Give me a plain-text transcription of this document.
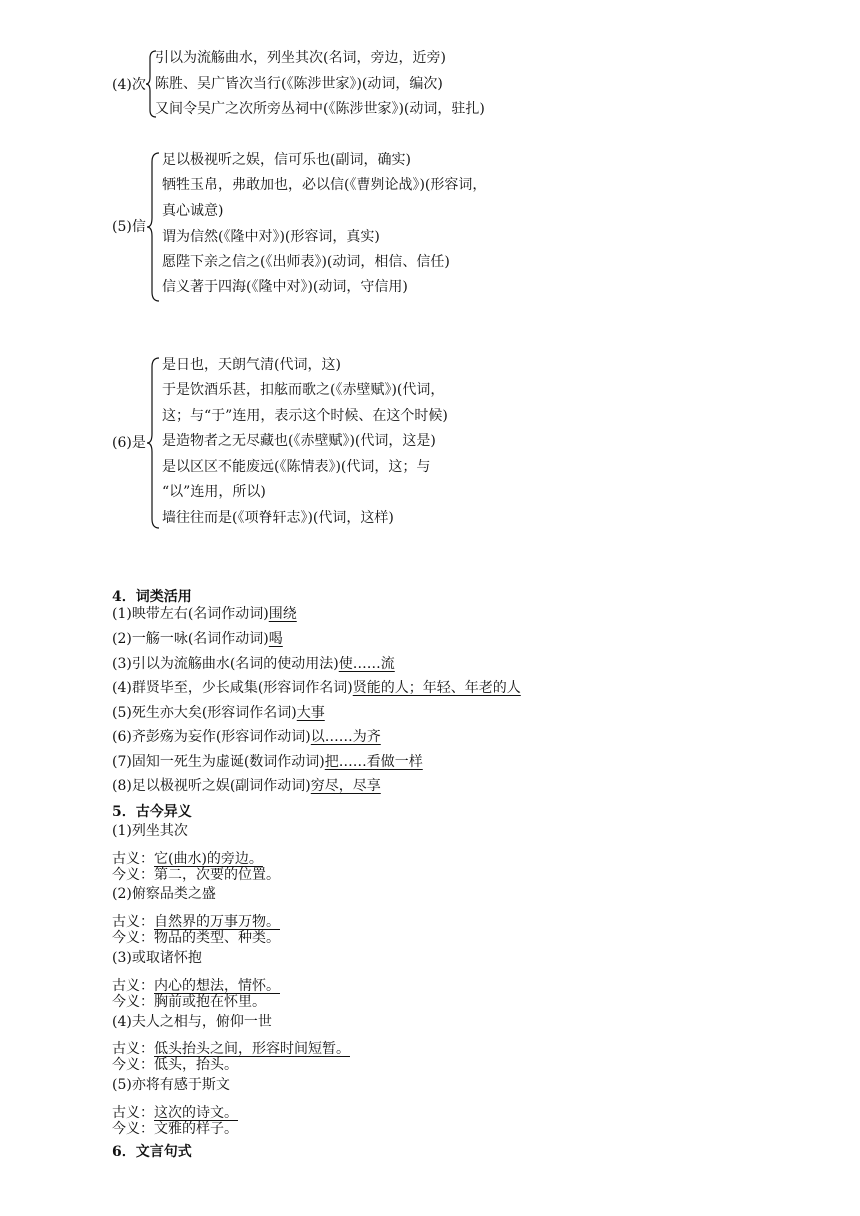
(4)次
引以为流觞曲水，列坐其次(名词，旁边，近旁)
陈胜、吴广皆次当行(《陈涉世家》)(动词，编次)
又间令吴广之次所旁丛祠中(《陈涉世家》)(动词，驻扎)
(5)信
足以极视听之娱，信可乐也(副词，确实)
牺牲玉帛，弗敢加也，必以信(《曹刿论战》)(形容词，
真心诚意)
谓为信然(《隆中对》)(形容词，真实)
愿陛下亲之信之(《出师表》)(动词，相信、信任)
信义著于四海(《隆中对》)(动词，守信用)
(6)是
是日也，天朗气清(代词，这)
于是饮酒乐甚，扣舷而歌之(《赤壁赋》)(代词，
这；与“于”连用，表示这个时候、在这个时候)
是造物者之无尽藏也(《赤壁赋》)(代词，这是)
是以区区不能废远(《陈情表》)(代词，这；与
“以”连用，所以)
墙往往而是(《项脊轩志》)(代词，这样)
4．词类活用
(1)映带左右(名词作动词)围绕
(2)一觞一咏(名词作动词)喝
(3)引以为流觞曲水(名词的使动用法)使……流
(4)群贤毕至，少长咸集(形容词作名词)贤能的人；年轻、年老的人
(5)死生亦大矣(形容词作名词)大事
(6)齐彭殇为妄作(形容词作动词)以……为齐
(7)固知一死生为虚诞(数词作动词)把……看做一样
(8)足以极视听之娱(副词作动词)穷尽，尽享
5．古今异义
(1)列坐其次
古义：它(曲水)的旁边。
今义：第二，次要的位置。
(2)俯察品类之盛
古义：自然界的万事万物。
今义：物品的类型、种类。
(3)或取诸怀抱
古义：内心的想法，情怀。
今义：胸前或抱在怀里。
(4)夫人之相与，俯仰一世
古义：低头抬头之间，形容时间短暂。
今义：低头，抬头。
(5)亦将有感于斯文
古义：这次的诗文。
今义：文雅的样子。
6．文言句式
